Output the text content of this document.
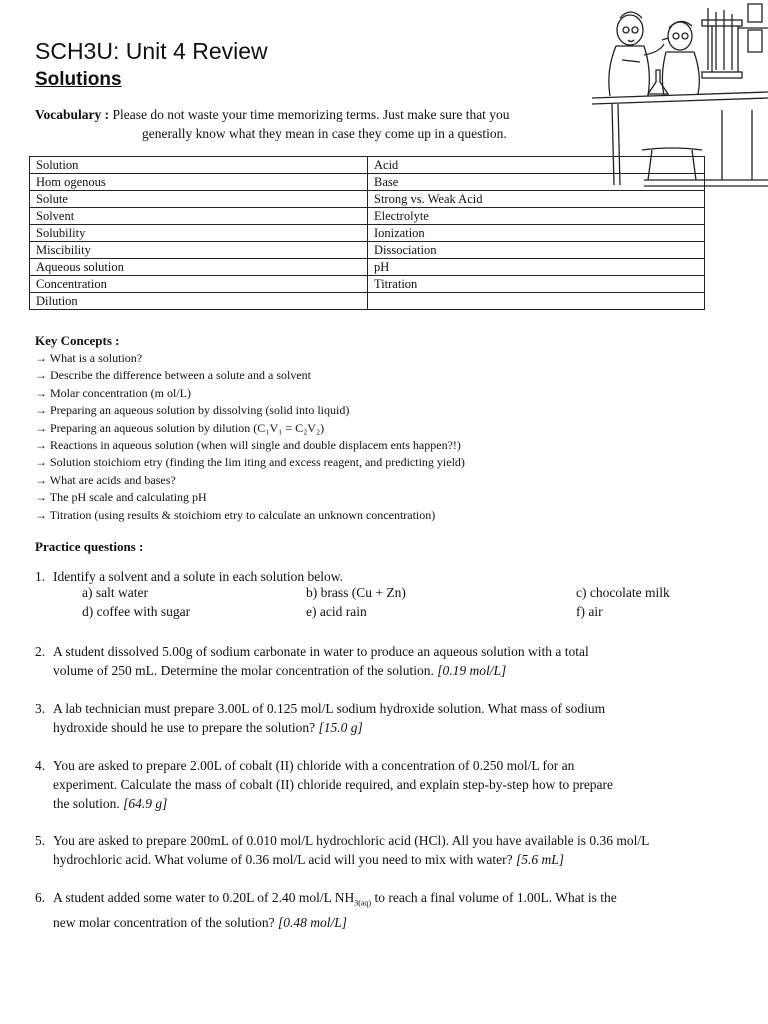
SCH3U: Unit 4 Review
Solutions
Vocabulary : Please do not waste your time memorizing terms. Just make sure that you
generally know what they mean in case they come up in a question.
Solution	Acid
Hom ogenous	Base
Solute	Strong vs. Weak Acid
Solvent	Electrolyte
Solubility	Ionization
Miscibility	Dissociation
Aqueous solution	pH
Concentration	Titration
Dilution	
Key Concepts :
→ What is a solution?
→ Describe the difference between a solute and a solvent
→ Molar concentration (m ol/L)
→ Preparing an aqueous solution by dissolving (solid into liquid)
→ Preparing an aqueous solution by dilution (C₁V₁ = C₂V₂)
→ Reactions in aqueous solution (when will single and double displacem ents happen?!)
→ Solution stoichiom etry (finding the lim iting and excess reagent, and predicting yield)
→ What are acids and bases?
→ The pH scale and calculating pH
→ Titration (using results & stoichiom etry to calculate an unknown concentration)
Practice questions :
1. Identify a solvent and a solute in each solution below.
a) salt water	b) brass (Cu + Zn)	c) chocolate milk
d) coffee with sugar	e) acid rain	f) air
2. A student dissolved 5.00g of sodium carbonate in water to produce an aqueous solution with a total
volume of 250 mL. Determine the molar concentration of the solution. [0.19 mol/L]
3. A lab technician must prepare 3.00L of 0.125 mol/L sodium hydroxide solution. What mass of sodium
hydroxide should he use to prepare the solution? [15.0 g]
4. You are asked to prepare 2.00L of cobalt (II) chloride with a concentration of 0.250 mol/L for an
experiment. Calculate the mass of cobalt (II) chloride required, and explain step-by-step how to prepare
the solution. [64.9 g]
5. You are asked to prepare 200mL of 0.010 mol/L hydrochloric acid (HCl). All you have available is 0.36 mol/L
hydrochloric acid. What volume of 0.36 mol/L acid will you need to mix with water? [5.6 mL]
6. A student added some water to 0.20L of 2.40 mol/L $NH_{3(aq)}$ to reach a final volume of 1.00L. What is the
new molar concentration of the solution? [0.48 mol/L]
